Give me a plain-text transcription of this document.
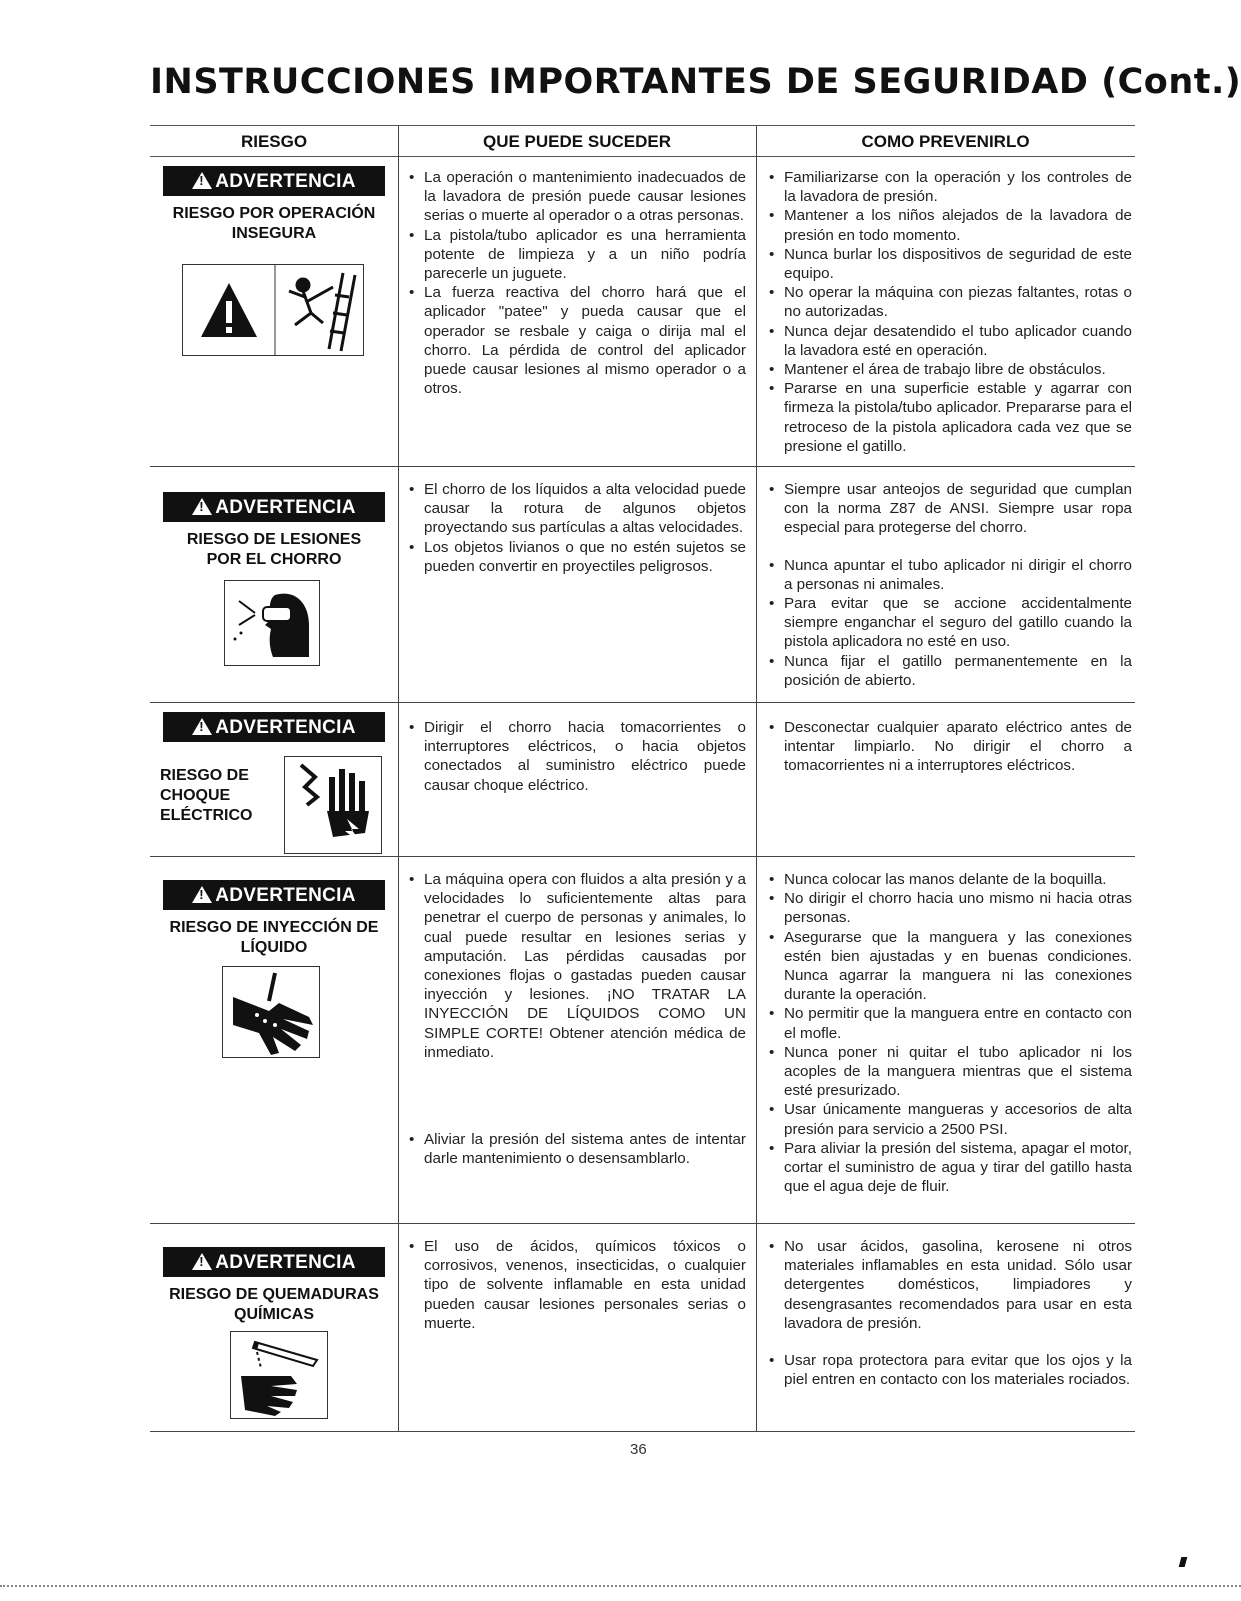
INSTRUCCIONES IMPORTANTES DE SEGURIDAD (Cont.)
RIESGO	QUE PUEDE SUCEDER	COMO PREVENIRLO
!ADVERTENCIA
RIESGO POR OPERACIÓN
INSEGURA
• La operación o mantenimiento inadecuados de la lavadora de presión puede causar lesiones serias o muerte al operador o a otras personas.
• La pistola/tubo aplicador es una herramienta potente de limpieza y a un niño podría parecerle un juguete.
• La fuerza reactiva del chorro hará que el aplicador "patee" y pueda causar que el operador se resbale y caiga o dirija mal el chorro. La pérdida de control del aplicador puede causar lesiones al mismo operador o a otros.
• Familiarizarse con la operación y los controles de la lavadora de presión.
• Mantener a los niños alejados de la lavadora de presión en todo momento.
• Nunca burlar los dispositivos de seguridad de este equipo.
• No operar la máquina con piezas faltantes, rotas o no autorizadas.
• Nunca dejar desatendido el tubo aplicador cuando la lavadora esté en operación.
• Mantener el área de trabajo libre de obstáculos.
• Pararse en una superficie estable y agarrar con firmeza la pistola/tubo aplicador. Prepararse para el retroceso de la pistola aplicadora cada vez que se presione el gatillo.
!ADVERTENCIA
RIESGO DE LESIONES
POR EL CHORRO
• El chorro de los líquidos a alta velocidad puede causar la rotura de algunos objetos proyectando sus partículas a altas velocidades.
• Los objetos livianos o que no estén sujetos se pueden convertir en proyectiles peligrosos.
• Siempre usar anteojos de seguridad que cumplan con la norma Z87 de ANSI. Siempre usar ropa especial para protegerse del chorro.
• Nunca apuntar el tubo aplicador ni dirigir el chorro a personas ni animales.
• Para evitar que se accione accidentalmente siempre enganchar el seguro del gatillo cuando la pistola aplicadora no esté en uso.
• Nunca fijar el gatillo permanentemente en la posición de abierto.
!ADVERTENCIA
RIESGO DE
CHOQUE
ELÉCTRICO
• Dirigir el chorro hacia tomacorrientes o interruptores eléctricos, o hacia objetos conectados al suministro eléctrico puede causar choque eléctrico.
• Desconectar cualquier aparato eléctrico antes de intentar limpiarlo. No dirigir el chorro a tomacorrientes ni a interruptores eléctricos.
!ADVERTENCIA
RIESGO DE INYECCIÓN DE
LÍQUIDO
• La máquina opera con fluidos a alta presión y a velocidades lo suficientemente altas para penetrar el cuerpo de personas y animales, lo cual puede resultar en lesiones serias y amputación. Las pérdidas causadas por conexiones flojas o gastadas pueden causar inyección y lesiones. ¡NO TRATAR LA INYECCIÓN DE LÍQUIDOS COMO UN SIMPLE CORTE! Obtener atención médica de inmediato.
• Aliviar la presión del sistema antes de intentar darle mantenimiento o desensamblarlo.
• Nunca colocar las manos delante de la boquilla.
• No dirigir el chorro hacia uno mismo ni hacia otras personas.
• Asegurarse que la manguera y las conexiones estén bien ajustadas y en buenas condiciones. Nunca agarrar la manguera ni las conexiones durante la operación.
• No permitir que la manguera entre en contacto con el mofle.
• Nunca poner ni quitar el tubo aplicador ni los acoples de la manguera mientras que el sistema esté presurizado.
• Usar únicamente mangueras y accesorios de alta presión para servicio a 2500 PSI.
• Para aliviar la presión del sistema, apagar el motor, cortar el suministro de agua y tirar del gatillo hasta que el agua deje de fluir.
!ADVERTENCIA
RIESGO DE QUEMADURAS
QUÍMICAS
• El uso de ácidos, químicos tóxicos o corrosivos, venenos, insecticidas, o cualquier tipo de solvente inflamable en esta unidad pueden causar lesiones personales serias o muerte.
• No usar ácidos, gasolina, kerosene ni otros materiales inflamables en esta unidad. Sólo usar detergentes domésticos, limpiadores y desengrasantes recomendados para usar en esta lavadora de presión.
• Usar ropa protectora para evitar que los ojos y la piel entren en contacto con los materiales rociados.
36
